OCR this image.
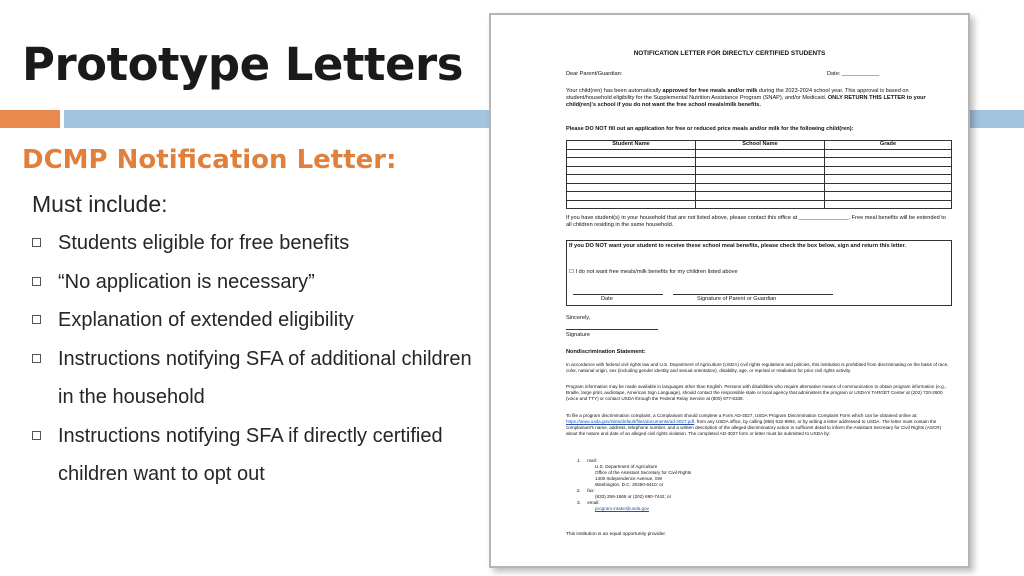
Prototype Letters
DCMP Notification Letter:
Must include:
Students eligible for free benefits
“No application is necessary”
Explanation of extended eligibility
Instructions notifying SFA of additional children in the household
Instructions notifying SFA if directly certified children want to opt out
NOTIFICATION LETTER FOR DIRECTLY CERTIFIED STUDENTS
Dear Parent/Guardian:	Date: ____________

Your child(ren) has been automatically approved for free meals and/or milk during the 2023-2024 school year. This approval is based on student/household eligibility for the Supplemental Nutrition Assistance Program (SNAP), and/or Medicaid. ONLY RETURN THIS LETTER to your child(ren)'s school if you do not want the free school meals/milk benefits.

Please DO NOT fill out an application for free or reduced price meals and/or milk for the following child(ren):

Student Name	School Name	Grade

If you have student(s) in your household that are not listed above, please contact this office at ________________. Free meal benefits will be extended to all children residing in the same household.

If you DO NOT want your student to receive these school meal benefits, please check the box below, sign and return this letter.

☐ I do not want free meals/milk benefits for my children listed above

Date	Signature of Parent or Guardian

Sincerely,

Signature

Nondiscrimination Statement:

In accordance with federal civil rights law and U.S. Department of Agriculture (USDA) civil rights regulations and policies, this institution is prohibited from discriminating on the basis of race, color, national origin, sex (including gender identity and sexual orientation), disability, age, or reprisal or retaliation for prior civil rights activity.

Program information may be made available in languages other than English. Persons with disabilities who require alternative means of communication to obtain program information (e.g., Braille, large print, audiotape, American Sign Language), should contact the responsible state or local agency that administers the program or USDA's TARGET Center at (202) 720-2600 (voice and TTY) or contact USDA through the Federal Relay Service at (800) 877-8339.

To file a program discrimination complaint, a Complainant should complete a Form AD-3027, USDA Program Discrimination Complaint Form which can be obtained online at: https://www.usda.gov/sites/default/files/documents/ad-3027.pdf, from any USDA office, by calling (866) 632-9992, or by writing a letter addressed to USDA. The letter must contain the complainant's name, address, telephone number, and a written description of the alleged discriminatory action in sufficient detail to inform the Assistant Secretary for Civil Rights (ASCR) about the nature and date of an alleged civil rights violation. The completed AD-3027 form or letter must be submitted to USDA by:

1. mail:
U.S. Department of Agriculture
Office of the Assistant Secretary for Civil Rights
1400 Independence Avenue, SW
Washington, D.C. 20250-9410; or
2. fax:
(833) 256-1665 or (202) 690-7442; or
3. email:
program.intake@usda.gov

This institution is an equal opportunity provider.
